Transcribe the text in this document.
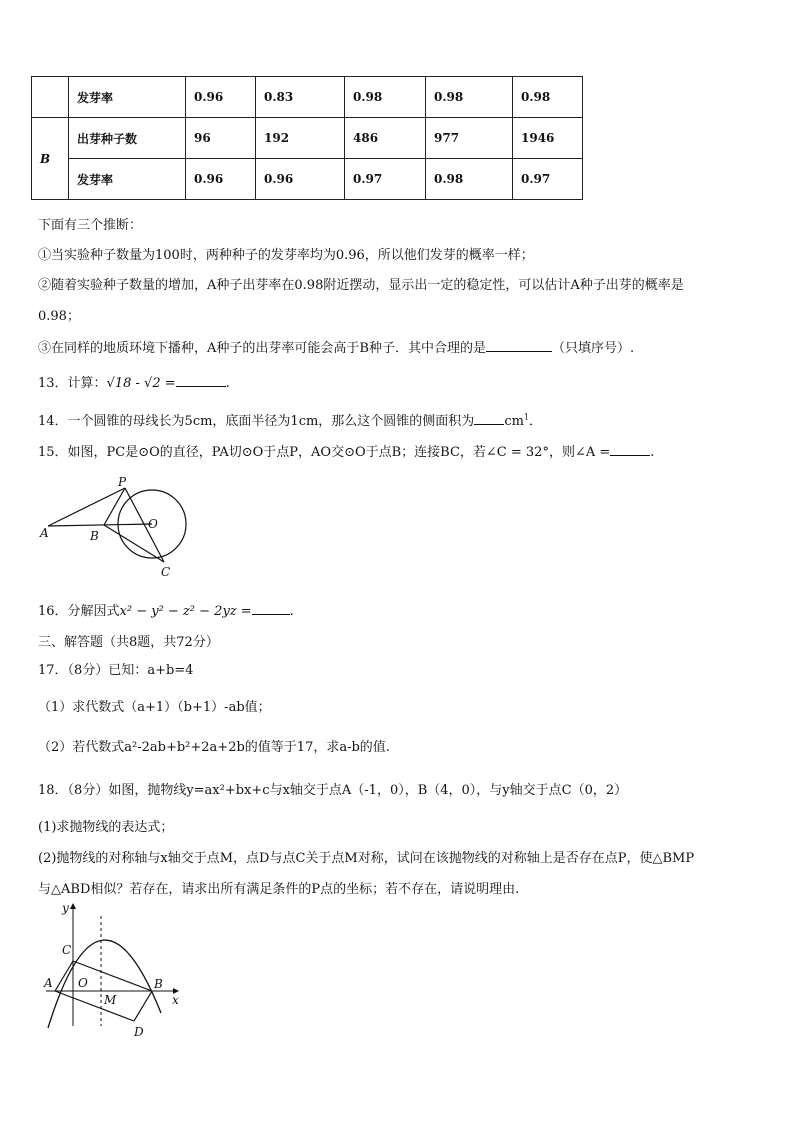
	发芽率	0.96	0.83	0.98	0.98	0.98
B	出芽种子数	96	192	486	977	1946
	发芽率	0.96	0.96	0.97	0.98	0.97
下面有三个推断：
①当实验种子数量为100时，两种种子的发芽率均为0.96，所以他们发芽的概率一样；
②随着实验种子数量的增加，A种子出芽率在0.98附近摆动，显示出一定的稳定性，可以估计A种子出芽的概率是
0.98；
③在同样的地质环境下播种，A种子的出芽率可能会高于B种子．其中合理的是	（只填序号）.
13．计算：√18 - √2 =	.
14．一个圆锥的母线长为5cm，底面半径为1cm，那么这个圆锥的侧面积为 $cm^1$．
15．如图，PC是⊙O的直径，PA切⊙O于点P，AO交⊙O于点B；连接BC，若∠C = 32°，则∠A =	.
P
O
A	B
C
16．分解因式x² − y² − z² − 2yz =	.
三、解答题（共8题，共72分）
17．（8分）已知：a+b=4
（1）求代数式（a+1）（b+1）-ab值；
（2）若代数式a²-2ab+b²+2a+2b的值等于17，求a-b的值.
18．（8分）如图，抛物线y=ax²+bx+c与x轴交于点A（-1，0），B（4，0），与y轴交于点C（0，2）
(1)求抛物线的表达式；
(2)抛物线的对称轴与x轴交于点M，点D与点C关于点M对称，试问在该抛物线的对称轴上是否存在点P，使△BMP
与△ABD相似？若存在，请求出所有满足条件的P点的坐标；若不存在，请说明理由.
y
x
C
A O
M
B
D
